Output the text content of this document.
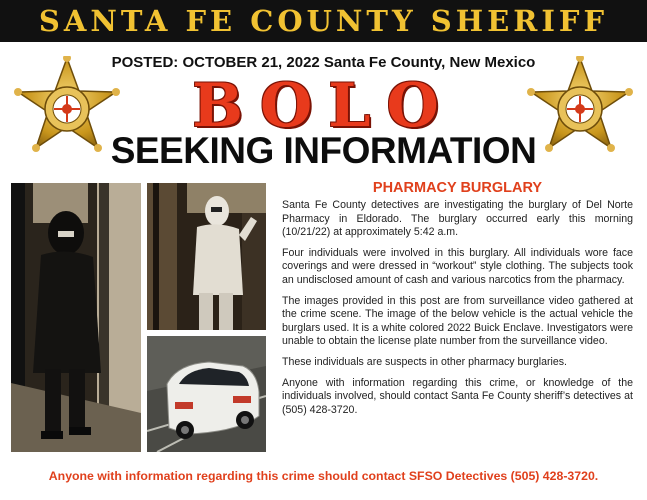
SANTA FE COUNTY SHERIFF
POSTED: OCTOBER 21, 2022 Santa Fe County, New Mexico
BOLO
SEEKING INFORMATION
PHARMACY BURGLARY

Santa Fe County detectives are investigating the burglary of Del Norte Pharmacy in Eldorado. The burglary occurred early this morning (10/21/22) at approximately 5:42 a.m.

Four individuals were involved in this burglary. All individuals wore face coverings and were dressed in “workout” style clothing. The subjects took an undisclosed amount of cash and various narcotics from the pharmacy.

The images provided in this post are from surveillance video gathered at the crime scene. The image of the below vehicle is the actual vehicle the burglars used. It is a white colored 2022 Buick Enclave. Investigators were unable to obtain the license plate number from the surveillance video.

These individuals are suspects in other pharmacy burglaries.

Anyone with information regarding this crime, or knowledge of the individuals involved, should contact Santa Fe County sheriff’s detectives at (505) 428-3720.

Anyone with information regarding this crime should contact SFSO Detectives (505) 428-3720.
